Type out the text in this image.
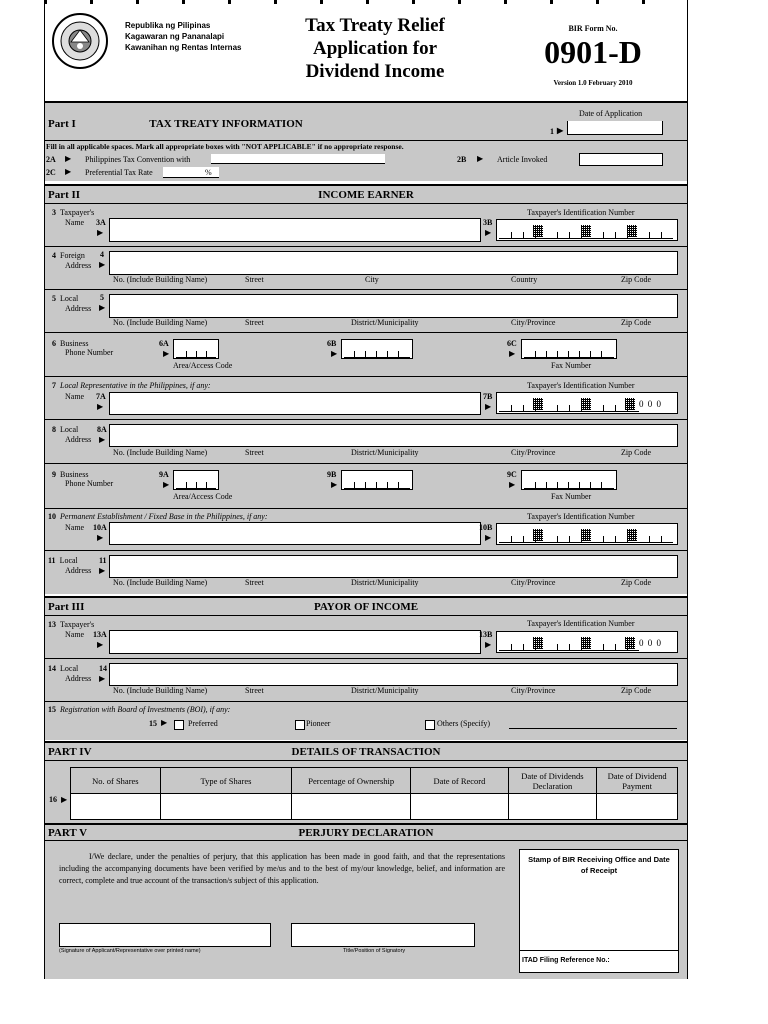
Republika ng Pilipinas
Kagawaran ng Pananalapi
Kawanihan ng Rentas Internas
Tax Treaty Relief
Application for
Dividend Income
BIR Form No.
0901-D
Version 1.0 February 2010
Part I	TAX TREATY INFORMATION
Date of Application
1 ▶
Fill in all applicable spaces. Mark all appropriate boxes with "NOT APPLICABLE" if no appropriate response.
2A ▶ Philippines Tax Convention with	2B ▶ Article Invoked
2C ▶ Preferential Tax Rate	%
Part II	INCOME EARNER
3 Taxpayer's
Name 3A
▶
Taxpayer's Identification Number
3B
▶
4 Foreign
Address ▶
4
No. (Include Building Name)	Street	City	Country	Zip Code
5 Local
Address ▶
5
No. (Include Building Name)	Street	District/Municipality	City/Province	Zip Code
6 Business
Phone Number
6A
▶
Area/Access Code
6B
▶
6C
▶
Fax Number
7 Local Representative in the Philippines, if any:
Name 7A
▶
Taxpayer's Identification Number
7B
▶	0 0 0
8 Local
Address
8A
▶
No. (Include Building Name)	Street	District/Municipality	City/Province	Zip Code
9 Business
Phone Number
9A
▶
Area/Access Code
9B
▶
9C
▶
Fax Number
10 Permanent Establishment / Fixed Base in the Philippines, if any:
Name 10A
▶
Taxpayer's Identification Number
10B
▶
11 Local
Address
11
▶
No. (Include Building Name)	Street	District/Municipality	City/Province	Zip Code
Part III	PAYOR OF INCOME
13 Taxpayer's
Name 13A
▶
Taxpayer's Identification Number
13B
▶	0 0 0
14 Local
Address
14
▶
No. (Include Building Name)	Street	District/Municipality	City/Province	Zip Code
15 Registration with Board of Investments (BOI), if any:
15 ▶	Preferred	Pioneer	Others (Specify)
PART IV	DETAILS OF TRANSACTION
16 ▶
No. of Shares	Type of Shares	Percentage of Ownership	Date of Record	Date of Dividends Declaration	Date of Dividend Payment

PART V	PERJURY DECLARATION
I/We declare, under the penalties of perjury, that this application has been made in good faith, and that the representations including the accompanying documents have been verified by me/us and to the best of my/our knowledge, belief, and information are correct, complete and true account of the transaction/s subject of this application.
(Signature of Applicant/Representative over printed name)	Title/Position of Signatory
Stamp of BIR Receiving Office and Date of Receipt
ITAD Filing Reference No.:
